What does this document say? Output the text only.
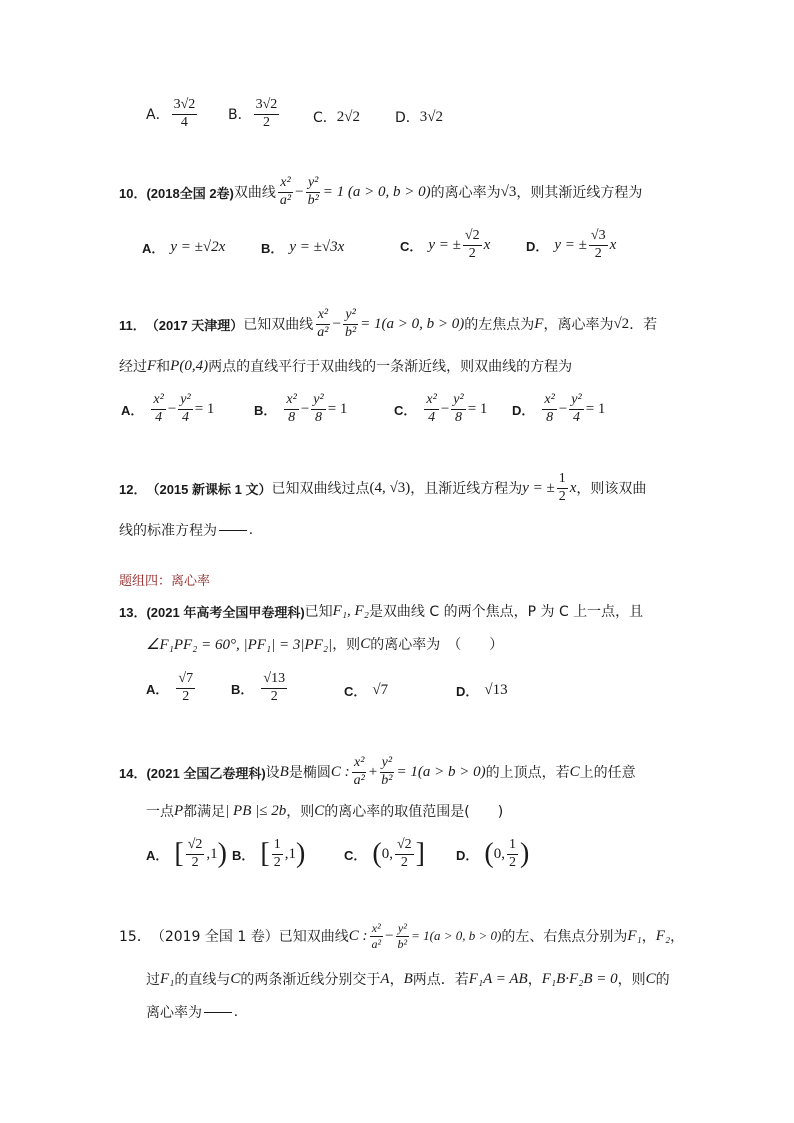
A． $\frac{3√2}{4}$ B． $\frac{3√2}{2}$ C． 2√2 D． 3√2
10． (2018全国 2卷) 双曲线 $\frac{\text{x²}}{\text{a²}} - \frac{\text{y²}}{\text{b²}} = 1$ (a > 0, b > 0) 的离心率为 √3 ，则其渐近线方程为
A． y = ±√2x	B． y = ±√3x	C． y = ± $\frac{√2}{2}$ x	D． y = ± $\frac{√3}{2}$ x
11． （2017 天津理） 已知双曲线 $\frac{\text{x²}}{\text{a²}} - \frac{\text{y²}}{\text{b²}} = 1(a > 0$, b > 0) 的左焦点为 F ，离心率为 √2 ．若
经过 F 和 P(0,4) 两点的直线平行于双曲线的一条渐近线，则双曲线的方程为
A． $\frac{\text{x²}}{4} - \frac{\text{y²}}{4} = 1$	B． $\frac{\text{x²}}{8} - \frac{\text{y²}}{8} = 1$	C． $\frac{\text{x²}}{4} - \frac{\text{y²}}{8} = 1$ D． $\frac{\text{x²}}{8} - \frac{\text{y²}}{4} = 1$
12． （2015 新课标 1 文） 已知双曲线过点 (4, √3) ，且渐近线方程为 y = ± $\frac{1}{2}$ x ，则该双曲
线的标准方程为 .
题组四：离心率
13． (2021 年高考全国甲卷理科) 已知 F₁, F₂ 是双曲线 C 的两个焦点，P 为 C 上一点，且
∠F₁PF₂ = 60°, |PF₁| = 3|PF₂| ，则 C 的离心率为　（　　）
A． $\frac{√7}{2}$	B． $\frac{√13}{2}$	C． √7	D． √13
14． (2021 全国乙卷理科) 设 B 是椭圆 C : $\frac{\text{x²}}{\text{a²}} + \frac{\text{y²}}{\text{b²}} = 1(a > b > 0)$ 的上顶点，若 C 上的任意
一点 P 都满足 | PB |≤ 2b ，则 C 的离心率的取值范围是(　　)
A． [ $\frac{√2}{2} ,1$ ) B． [ $\frac{1}{2} ,1$ )	C． ( 0, $\frac{√2}{2}$ ] D． ( 0, $\frac{1}{2}$ )
15． （2019 全国 1 卷） 已知双曲线 C : $\frac{\text{x²}}{\text{a²}} - \frac{\text{y²}}{\text{b²}} = 1(a > 0$, b > 0) 的左、右焦点分别为 F₁ ， F₂ ，
过 F₁ 的直线与 C 的两条渐近线分别交于 A ， B 两点．若 F₁A = AB ， F₁B·F₂B = 0 ，则 C 的
离心率为 .
